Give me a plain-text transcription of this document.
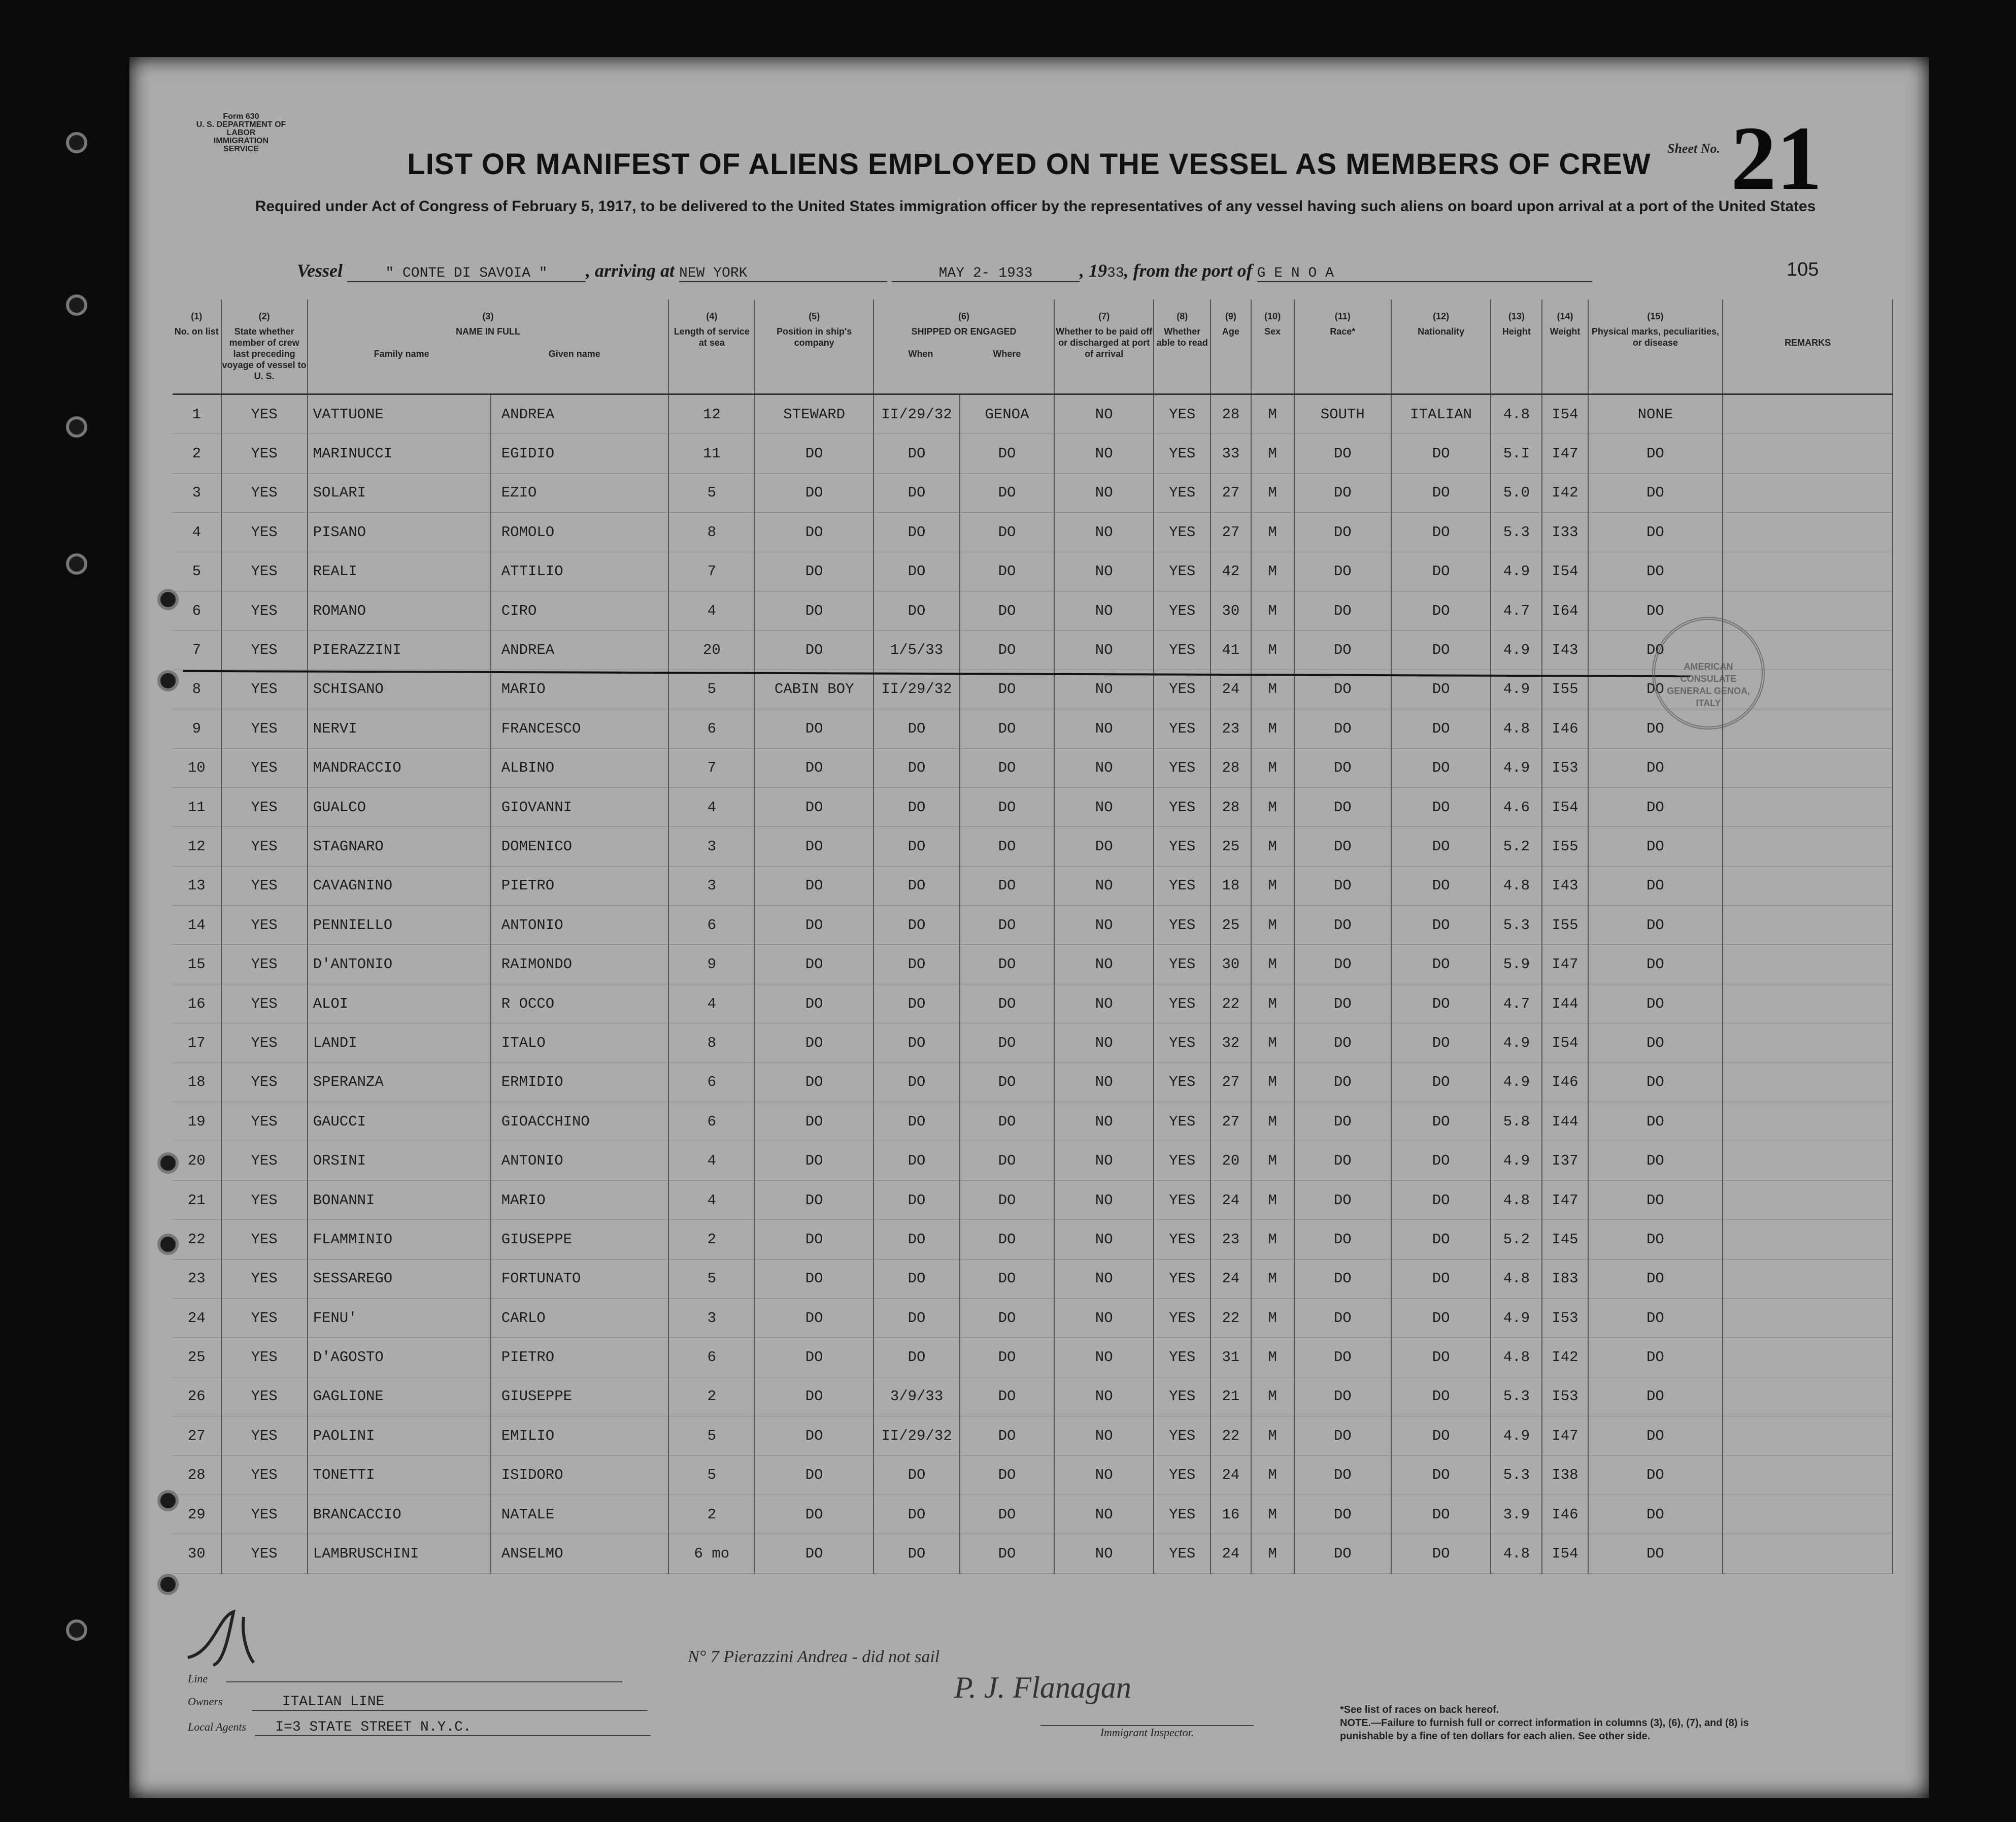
Form 630
U. S. DEPARTMENT OF LABOR
IMMIGRATION SERVICE	LIST OR MANIFEST OF ALIENS EMPLOYED ON THE VESSEL AS MEMBERS OF CREW
Required under Act of Congress of February 5, 1917, to be delivered to the United States immigration officer by the representatives of any vessel having such aliens on board upon arrival at a port of the United States
Sheet No. 21
Vessel	" CONTE DI SAVOIA " , arriving at NEW YORK	MAY 2- 1933	, 1933, from the port of G E N O A	105
(1)
No. on list	(2)
State whether member of crew last preceding voyage of vessel to U. S.	(3)
NAME IN FULL

Family name Given name		(4)
Length of service at sea	(5)
Position in ship's company	(6)
SHIPPED OR ENGAGED

When Where		(7)
Whether to be paid off or discharged at port of arrival	(8)
Whether able to read	(9)
Age	(10)
Sex	(11)
Race*	(12)
Nationality	(13)
Height	(14)
Weight	(15)
Physical marks, peculiarities, or disease	REMARKS
1	YES	VATTUONE	ANDREA	12	STEWARD	II/29/32	GENOA	NO	YES	28	M	SOUTH	ITALIAN	4.8	I54	NONE	
2	YES	MARINUCCI	EGIDIO	11	DO	DO	DO	NO	YES	33	M	DO	DO	5.I	I47	DO	
3	YES	SOLARI	EZIO	5	DO	DO	DO	NO	YES	27	M	DO	DO	5.0	I42	DO	
4	YES	PISANO	ROMOLO	8	DO	DO	DO	NO	YES	27	M	DO	DO	5.3	I33	DO	
5	YES	REALI	ATTILIO	7	DO	DO	DO	NO	YES	42	M	DO	DO	4.9	I54	DO	
6	YES	ROMANO	CIRO	4	DO	DO	DO	NO	YES	30	M	DO	DO	4.7	I64	DO	
7	YES	PIERAZZINI	ANDREA	20	DO	1/5/33	DO	NO	YES	41	M	DO	DO	4.9	I43	DO	
8	YES	SCHISANO	MARIO	5	CABIN BOY	II/29/32	DO	NO	YES	24	M	DO	DO	4.9	I55	DO	
9	YES	NERVI	FRANCESCO	6	DO	DO	DO	NO	YES	23	M	DO	DO	4.8	I46	DO	
10	YES	MANDRACCIO	ALBINO	7	DO	DO	DO	NO	YES	28	M	DO	DO	4.9	I53	DO	
11	YES	GUALCO	GIOVANNI	4	DO	DO	DO	NO	YES	28	M	DO	DO	4.6	I54	DO	
12	YES	STAGNARO	DOMENICO	3	DO	DO	DO	DO	YES	25	M	DO	DO	5.2	I55	DO	
13	YES	CAVAGNINO	PIETRO	3	DO	DO	DO	NO	YES	18	M	DO	DO	4.8	I43	DO	
14	YES	PENNIELLO	ANTONIO	6	DO	DO	DO	NO	YES	25	M	DO	DO	5.3	I55	DO	
15	YES	D'ANTONIO	RAIMONDO	9	DO	DO	DO	NO	YES	30	M	DO	DO	5.9	I47	DO	
16	YES	ALOI	R OCCO	4	DO	DO	DO	NO	YES	22	M	DO	DO	4.7	I44	DO	
17	YES	LANDI	ITALO	8	DO	DO	DO	NO	YES	32	M	DO	DO	4.9	I54	DO	
18	YES	SPERANZA	ERMIDIO	6	DO	DO	DO	NO	YES	27	M	DO	DO	4.9	I46	DO	
19	YES	GAUCCI	GIOACCHINO	6	DO	DO	DO	NO	YES	27	M	DO	DO	5.8	I44	DO	
20	YES	ORSINI	ANTONIO	4	DO	DO	DO	NO	YES	20	M	DO	DO	4.9	I37	DO	
21	YES	BONANNI	MARIO	4	DO	DO	DO	NO	YES	24	M	DO	DO	4.8	I47	DO	
22	YES	FLAMMINIO	GIUSEPPE	2	DO	DO	DO	NO	YES	23	M	DO	DO	5.2	I45	DO	
23	YES	SESSAREGO	FORTUNATO	5	DO	DO	DO	NO	YES	24	M	DO	DO	4.8	I83	DO	
24	YES	FENU'	CARLO	3	DO	DO	DO	NO	YES	22	M	DO	DO	4.9	I53	DO	
25	YES	D'AGOSTO	PIETRO	6	DO	DO	DO	NO	YES	31	M	DO	DO	4.8	I42	DO	
26	YES	GAGLIONE	GIUSEPPE	2	DO	3/9/33	DO	NO	YES	21	M	DO	DO	5.3	I53	DO	
27	YES	PAOLINI	EMILIO	5	DO	II/29/32	DO	NO	YES	22	M	DO	DO	4.9	I47	DO	
28	YES	TONETTI	ISIDORO	5	DO	DO	DO	NO	YES	24	M	DO	DO	5.3	I38	DO	
29	YES	BRANCACCIO	NATALE	2	DO	DO	DO	NO	YES	16	M	DO	DO	3.9	I46	DO	
30	YES	LAMBRUSCHINI	ANSELMO	6 mo	DO	DO	DO	NO	YES	24	M	DO	DO	4.8	I54	DO	
AMERICAN CONSULATE GENERAL GENOA, ITALY
Line
Owners	ITALIAN LINE
Local Agents I=3 STATE STREET N.Y.C.
N° 7 Pierazzini Andrea - did not sail
P. J. Flanagan
Immigrant Inspector.
*See list of races on back hereof.
NOTE.—Failure to furnish full or correct information in columns (3), (6), (7), and (8) is punishable by a fine of ten dollars for each alien. See other side.
